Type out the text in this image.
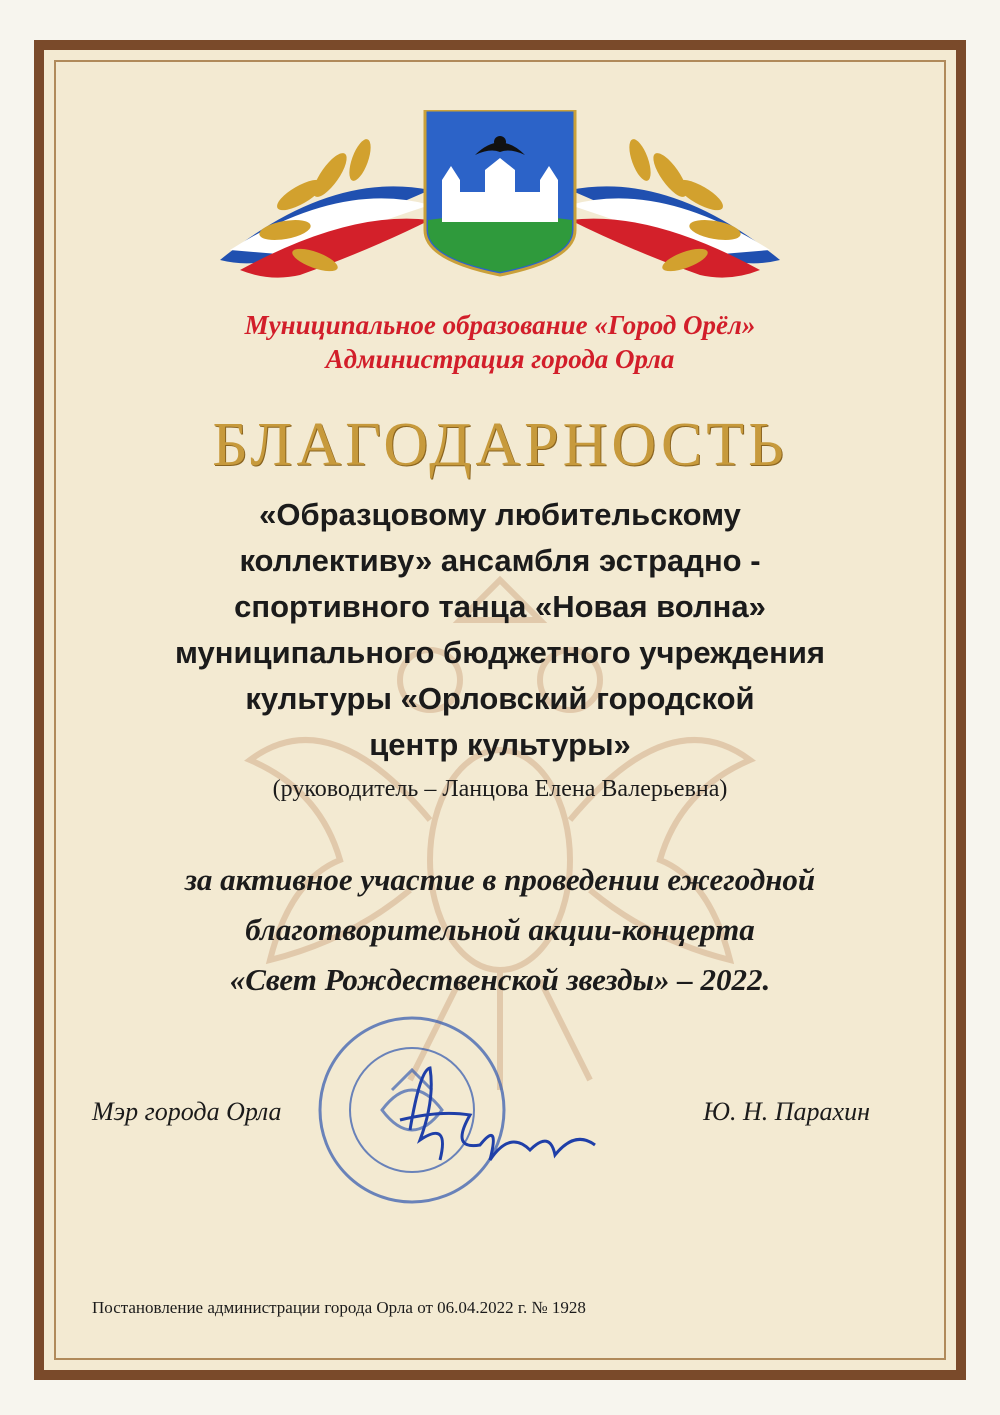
Муниципальное образование «Город Орёл»
Администрация города Орла
БЛАГОДАРНОСТЬ
«Образцовому любительскому
коллективу» ансамбля эстрадно -
спортивного танца «Новая волна»
муниципального бюджетного учреждения
культуры «Орловский городской
центр культуры»
(руководитель – Ланцова Елена Валерьевна)
за активное участие в проведении ежегодной
благотворительной акции-концерта
«Свет Рождественской звезды» – 2022.
Мэр города Орла	Ю. Н. Парахин
Постановление администрации города Орла от 06.04.2022 г. № 1928
